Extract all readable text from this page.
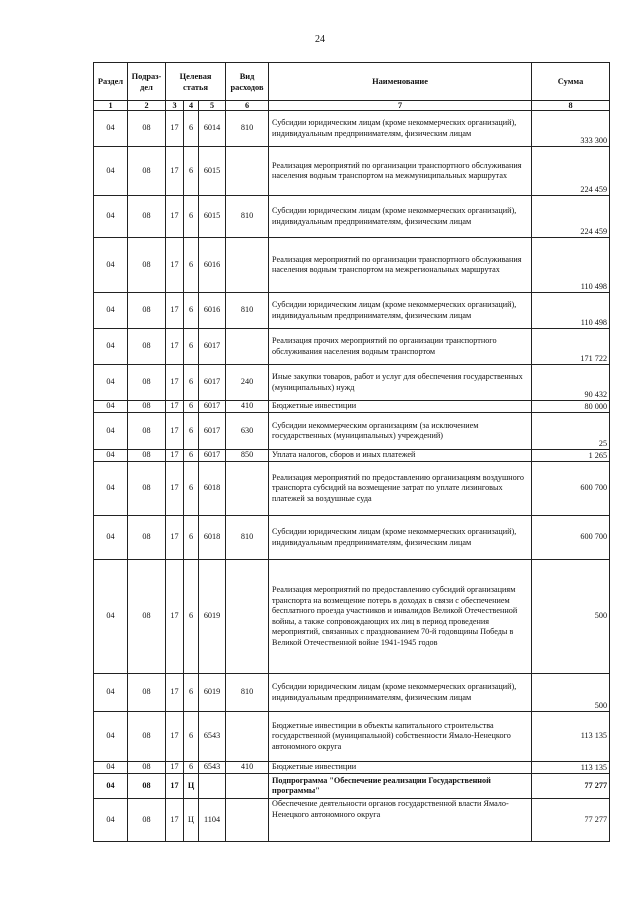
24
Раздел	Подраз-дел	Целевая статья			Вид расходов	Наименование	Сумма
1	2	3	4	5	6	7	8
04	08	17	6	6014	810	Субсидии юридическим лицам (кроме некоммерческих организаций), индивидуальным предпринимателям, физическим лицам	333 300
04	08	17	6	6015		Реализация мероприятий по организации транспортного обслуживания населения водным транспортом на межмуниципальных маршрутах	224 459
04	08	17	6	6015	810	Субсидии юридическим лицам (кроме некоммерческих организаций), индивидуальным предпринимателям, физическим лицам	224 459
04	08	17	6	6016		Реализация мероприятий по организации транспортного обслуживания населения водным транспортом на межрегиональных маршрутах	110 498
04	08	17	6	6016	810	Субсидии юридическим лицам (кроме некоммерческих организаций), индивидуальным предпринимателям, физическим лицам	110 498
04	08	17	6	6017		Реализация прочих мероприятий по организации транспортного обслуживания населения водным транспортом	171 722
04	08	17	6	6017	240	Иные закупки товаров, работ и услуг для обеспечения государственных (муниципальных) нужд	90 432
04	08	17	6	6017	410	Бюджетные инвестиции	80 000
04	08	17	6	6017	630	Субсидии некоммерческим организациям (за исключением государственных (муниципальных) учреждений)	25
04	08	17	6	6017	850	Уплата налогов, сборов и иных платежей	1 265
04	08	17	6	6018		Реализация мероприятий по предоставлению организациям воздушного транспорта субсидий на возмещение затрат по уплате лизинговых платежей за воздушные суда	600 700
04	08	17	6	6018	810	Субсидии юридическим лицам (кроме некоммерческих организаций), индивидуальным предпринимателям, физическим лицам	600 700
04	08	17	6	6019		Реализация мероприятий по предоставлению субсидий организациям транспорта на возмещение потерь в доходах в связи с обеспечением бесплатного проезда участников и инвалидов Великой Отечественной войны, а также сопровождающих их лиц в период проведения мероприятий, связанных с празднованием 70-й годовщины Победы в Великой Отечественной войне 1941-1945 годов	500
04	08	17	6	6019	810	Субсидии юридическим лицам (кроме некоммерческих организаций), индивидуальным предпринимателям, физическим лицам	500
04	08	17	6	6543		Бюджетные инвестиции в объекты капитального строительства государственной (муниципальной) собственности Ямало-Ненецкого автономного округа	113 135
04	08	17	6	6543	410	Бюджетные инвестиции	113 135
04	08	17	Ц			Подпрограмма "Обеспечение реализации Государственной программы"	77 277
04	08	17	Ц	1104		Обеспечение деятельности органов государственной власти Ямало-Ненецкого автономного округа	77 277
